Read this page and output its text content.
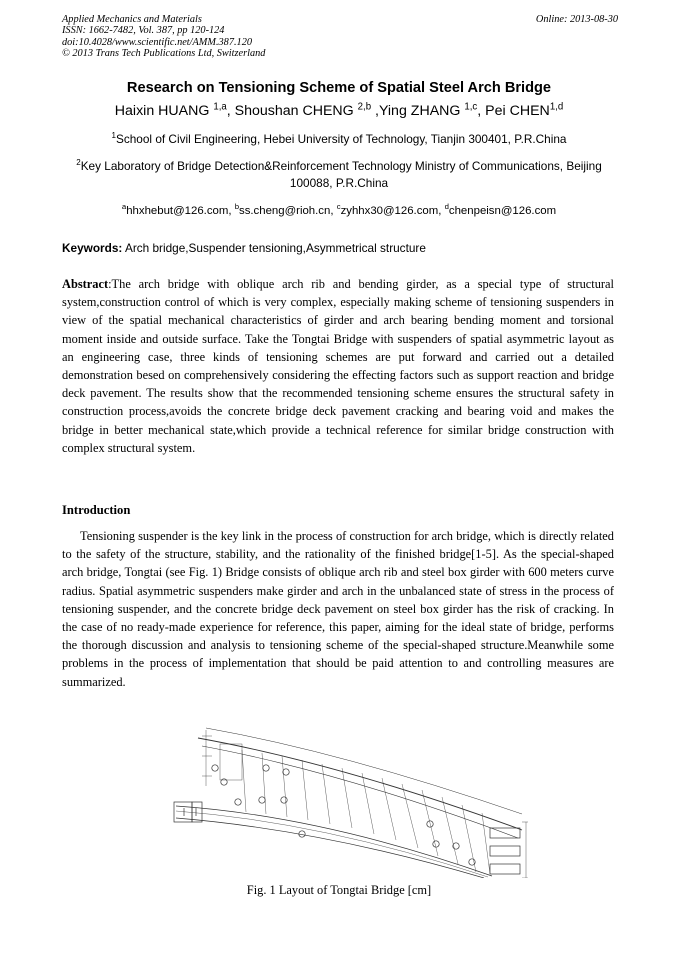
Applied Mechanics and Materials
ISSN: 1662-7482, Vol. 387, pp 120-124
doi:10.4028/www.scientific.net/AMM.387.120
© 2013 Trans Tech Publications Ltd, Switzerland
Online: 2013-08-30
Research on Tensioning Scheme of Spatial Steel Arch Bridge
Haixin HUANG $^{1,a}$, Shoushan CHENG $^{2,b}$ ,Ying ZHANG $^{1,c}$, Pei CHEN$^{1,d}$
$^1$School of Civil Engineering, Hebei University of Technology, Tianjin 300401, P.R.China
$^2$Key Laboratory of Bridge Detection&Reinforcement Technology Ministry of Communications, Beijing 100088, P.R.China
$^a$hhxhebut@126.com, $^b$ss.cheng@rioh.cn, $^c$zyhhx30@126.com, $^d$chenpeisn@126.com
Keywords: Arch bridge,Suspender tensioning,Asymmetrical structure
Abstract:The arch bridge with oblique arch rib and bending girder, as a special type of structural system,construction control of which is very complex, especially making scheme of tensioning suspenders in view of the spatial mechanical characteristics of girder and arch bearing bending moment and torsional moment inside and outside surface. Take the Tongtai Bridge with suspenders of spatial asymmetric layout as an engineering case, three kinds of tensioning schemes are put forward and carried out a detailed demonstration besed on comprehensively considering the effecting factors such as support reaction and bridge deck pavement. The results show that the recommended tensioning scheme ensures the structural safety in construction process,avoids the concrete bridge deck pavement cracking and bearing void and makes the bridge in better mechanical state,which provide a technical reference for similar bridge construction with complex structural system.
Introduction
Tensioning suspender is the key link in the process of construction for arch bridge, which is directly related to the safety of the structure, stability, and the rationality of the finished bridge[1-5]. As the special-shaped arch bridge, Tongtai (see Fig. 1) Bridge consists of oblique arch rib and steel box girder with 600 meters curve radius. Spatial asymmetric suspenders make girder and arch in the unbalanced state of stress in the process of tensioning suspender, and the concrete bridge deck pavement on steel box girder has the risk of cracking. In the case of no ready-made experience for reference, this paper, aiming for the ideal state of bridge, performs the thorough discussion and analysis to tensioning scheme of the special-shaped structure.Meanwhile some problems in the process of implementation that should be paid attention to and controlling measures are summarized.
Fig. 1 Layout of Tongtai Bridge [cm]
